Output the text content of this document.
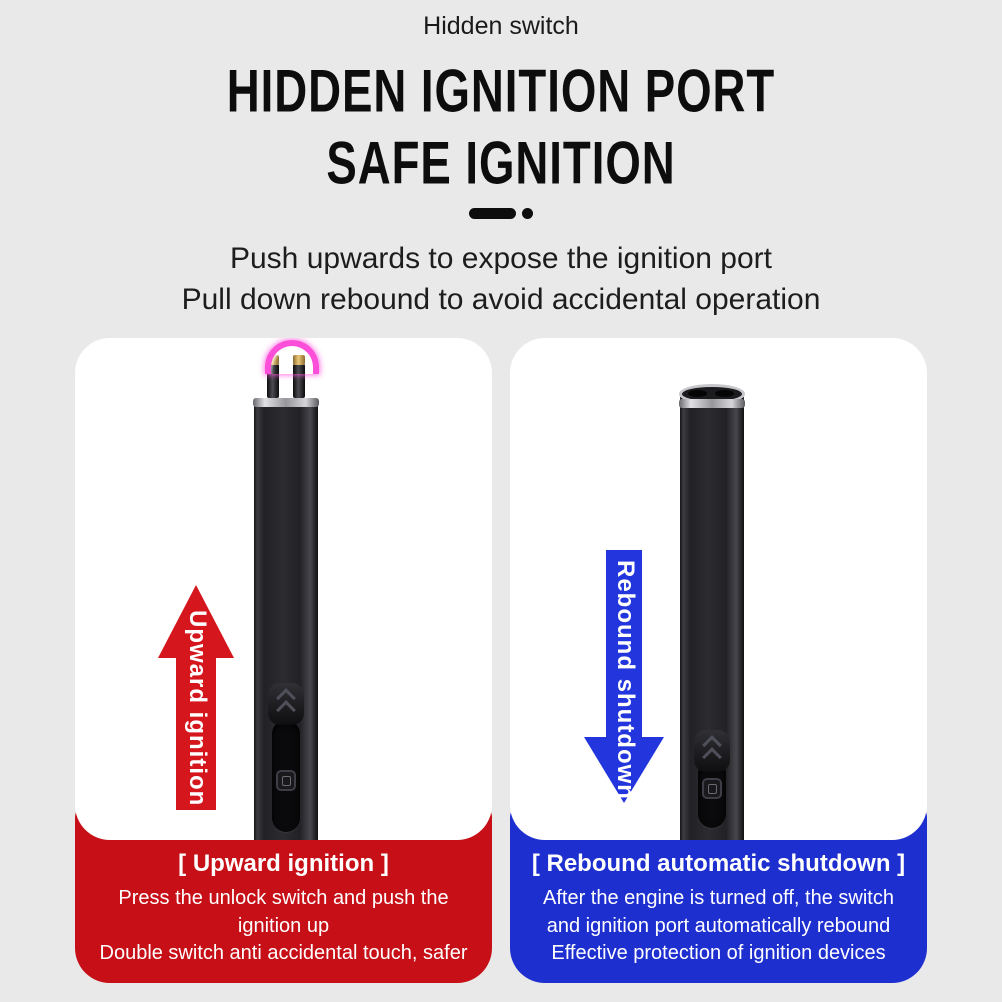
Hidden switch
HIDDEN IGNITION PORT
SAFE IGNITION
Push upwards to expose the ignition port
Pull down rebound to avoid accidental operation
[ Upward ignition ]
Press the unlock switch and push the
ignition up
Double switch anti accidental touch, safer
Upward ignition
[ Rebound automatic shutdown ]
After the engine is turned off, the switch
and ignition port automatically rebound
Effective protection of ignition devices
Rebound shutdown
